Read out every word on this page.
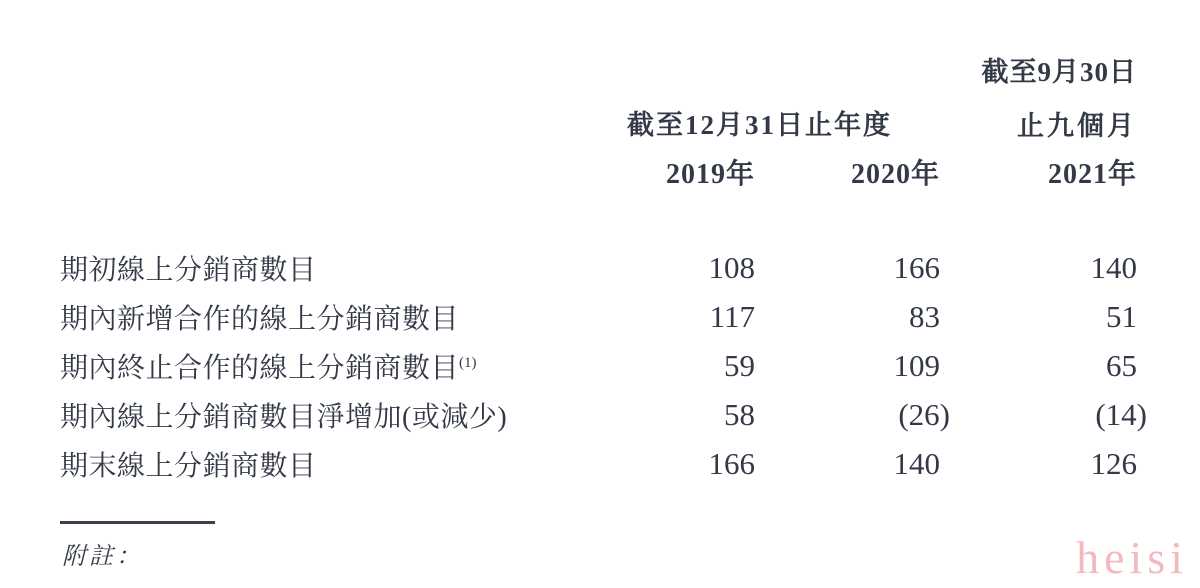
截至9月30日
截至12月31日止年度	止九個月
2019年	2020年	2021年
期初線上分銷商數目	108	166	140
期內新增合作的線上分銷商數目	117	83	51
期內終止合作的線上分銷商數目$^{(1)}$	59	109	65
期內線上分銷商數目淨增加(或減少)	58	(26)	(14)
期末線上分銷商數目	166	140	126
附註：	heisi
